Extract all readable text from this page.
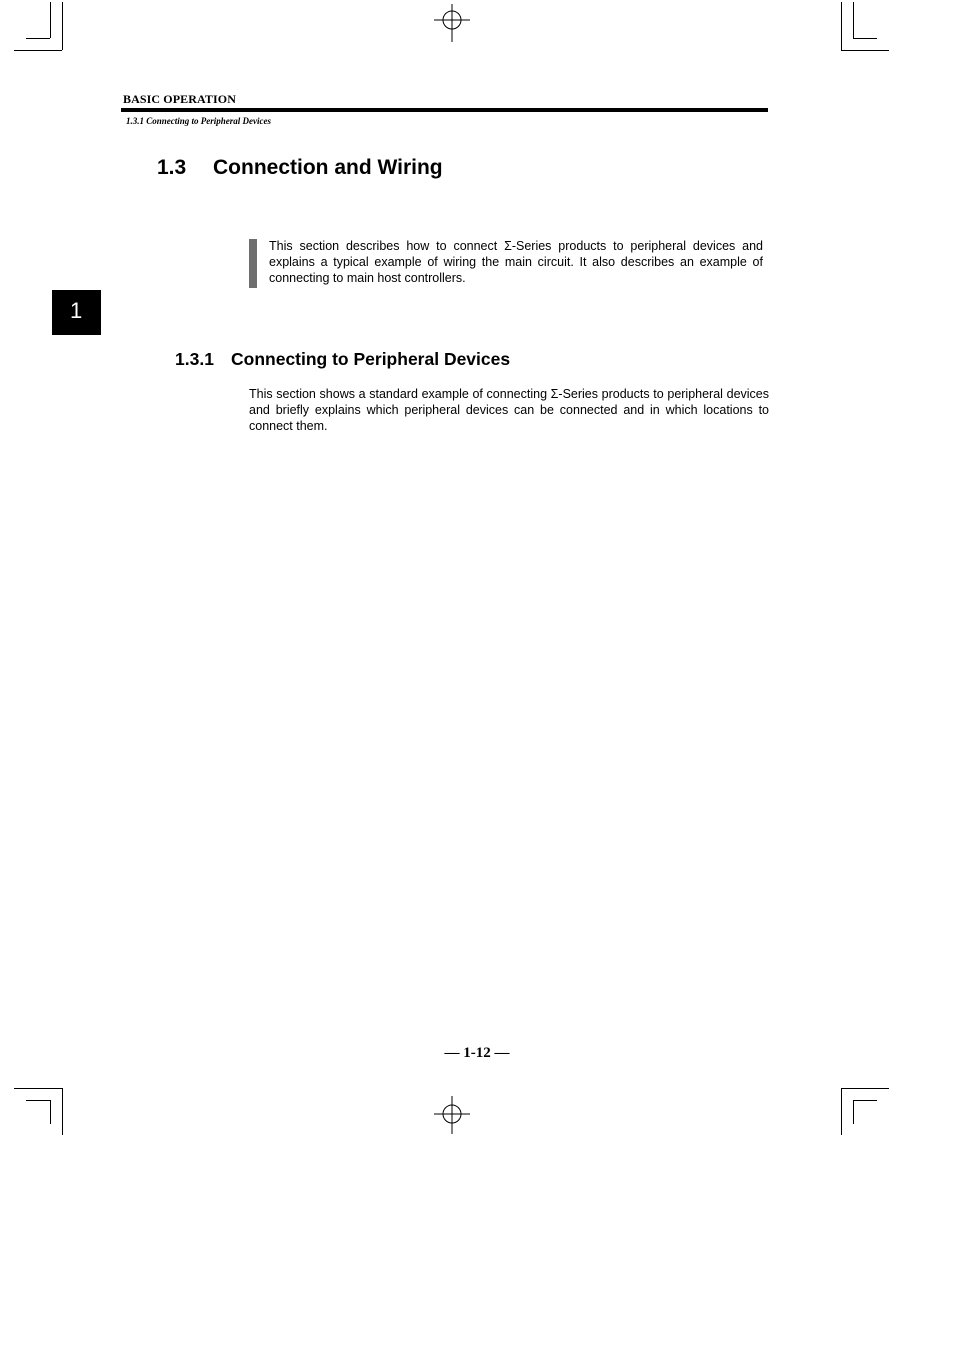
BASIC OPERATION
1.3.1 Connecting to Peripheral Devices
1.3 Connection and Wiring
This section describes how to connect Σ-Series products to peripheral devices and explains a typical example of wiring the main circuit. It also describes an example of connecting to main host controllers.
1
1.3.1 Connecting to Peripheral Devices
This section shows a standard example of connecting Σ-Series products to peripheral devices and briefly explains which peripheral devices can be connected and in which locations to connect them.
— 1-12 —
